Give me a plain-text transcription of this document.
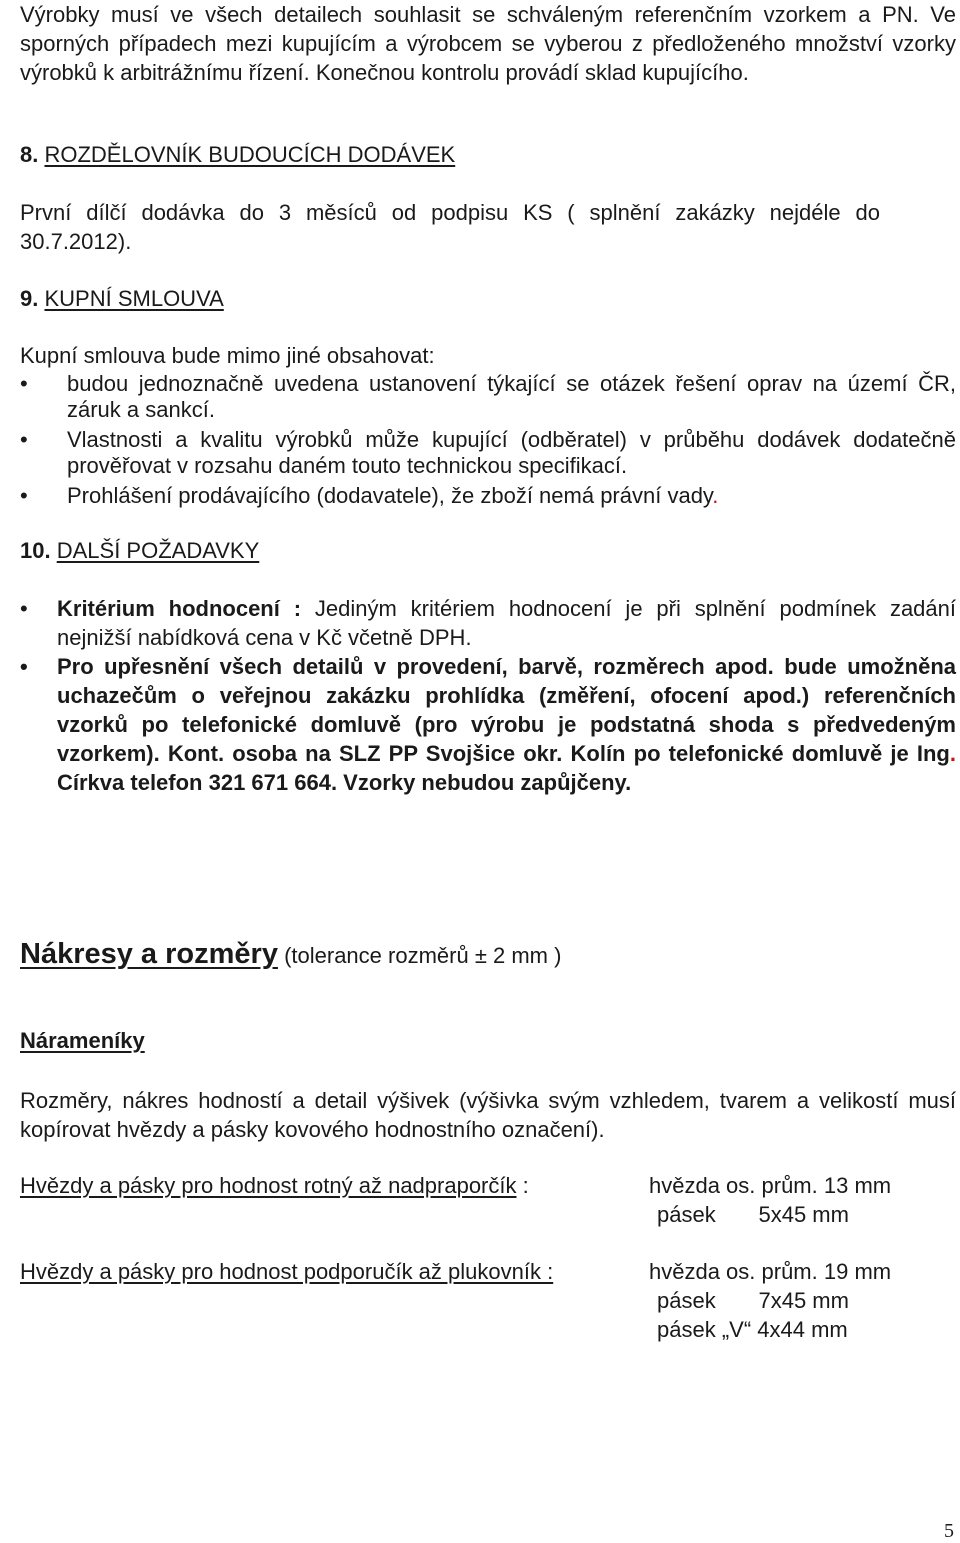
Výrobky musí ve všech detailech souhlasit se schváleným referenčním vzorkem a PN. Ve sporných případech mezi kupujícím a výrobcem se vyberou z předloženého množství vzorky výrobků k arbitrážnímu řízení. Konečnou kontrolu provádí sklad kupujícího.

8. ROZDĚLOVNÍK BUDOUCÍCH DODÁVEK

První dílčí dodávka do 3 měsíců od podpisu KS ( splnění zakázky nejdéle do 30.7.2012).

9. KUPNÍ SMLOUVA

Kupní smlouva bude mimo jiné obsahovat:

•	budou jednoznačně uvedena ustanovení týkající se otázek řešení oprav na území ČR, záruk a sankcí.
•	Vlastnosti a kvalitu výrobků může kupující (odběratel) v průběhu dodávek dodatečně prověřovat v rozsahu daném touto technickou specifikací.
•	Prohlášení prodávajícího (dodavatele), že zboží nemá právní vady.

10. DALŠÍ POŽADAVKY

•	Kritérium hodnocení : Jediným kritériem hodnocení je při splnění podmínek zadání nejnižší nabídková cena v Kč včetně DPH.
•	Pro upřesnění všech detailů v provedení, barvě, rozměrech apod. bude umožněna uchazečům o veřejnou zakázku prohlídka (změření, ofocení apod.) referenčních vzorků po telefonické domluvě (pro výrobu je podstatná shoda s předvedeným vzorkem). Kont. osoba na SLZ PP Svojšice okr. Kolín po telefonické domluvě je Ing. Církva telefon 321 671 664. Vzorky nebudou zapůjčeny.

Nákresy a rozměry (tolerance rozměrů ± 2 mm )

Nárameníky

Rozměry, nákres hodností a detail výšivek (výšivka svým vzhledem, tvarem a velikostí musí kopírovat hvězdy a pásky kovového hodnostního označení).

Hvězdy a pásky pro hodnost rotný až nadpraporčík :	hvězda os. prům. 13 mm
pásek       5x45 mm
Hvězdy a pásky pro hodnost podporučík až plukovník :	hvězda os. prům. 19 mm
pásek       7x45 mm
pásek „V“ 4x44 mm
5
